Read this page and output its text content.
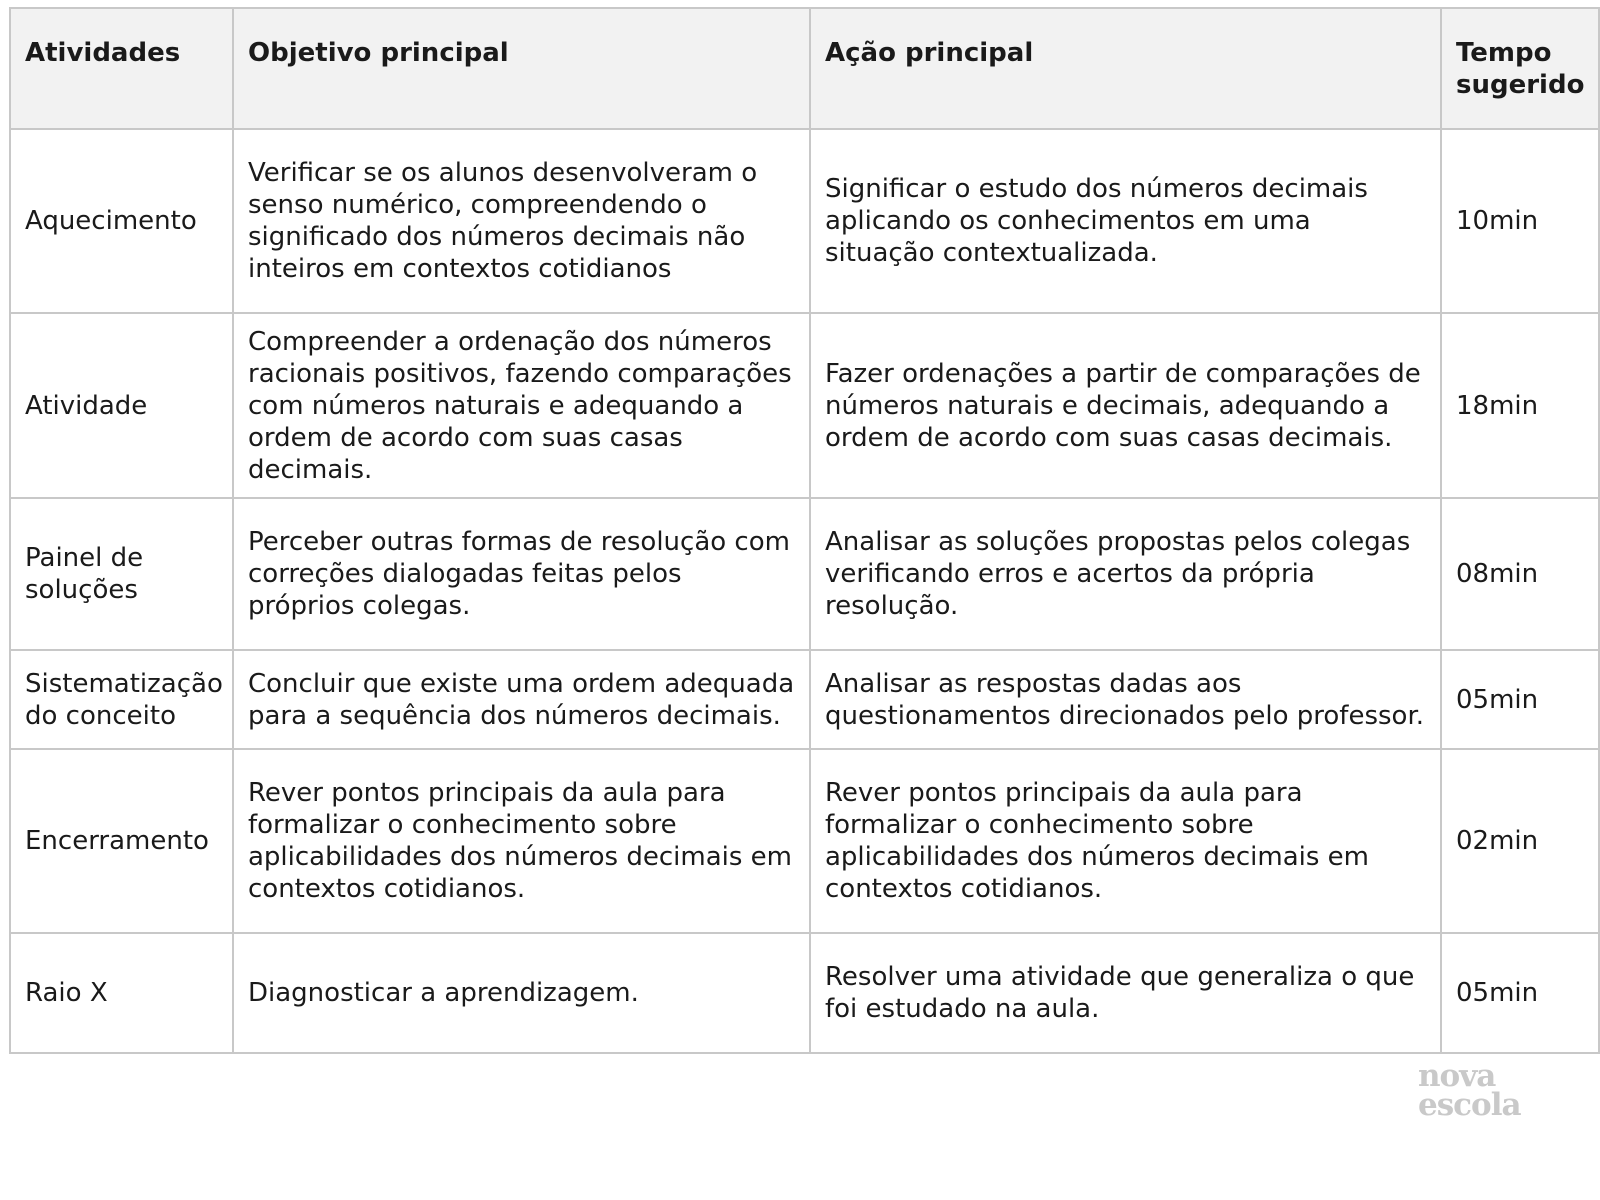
Atividades	Objetivo principal	Ação principal	Tempo sugerido
Aquecimento	Verificar se os alunos desenvolveram o senso numérico, compreendendo o significado dos números decimais não inteiros em contextos cotidianos	Significar o estudo dos números decimais aplicando os conhecimentos em uma situação contextualizada.	10min
Atividade	Compreender a ordenação dos números racionais positivos, fazendo comparações com números naturais e adequando a ordem de acordo com suas casas decimais.	Fazer ordenações a partir de comparações de números naturais e decimais, adequando a ordem de acordo com suas casas decimais.	18min
Painel de soluções	Perceber outras formas de resolução com correções dialogadas feitas pelos próprios colegas.	Analisar as soluções propostas pelos colegas verificando erros e acertos da própria resolução.	08min
Sistematização do conceito	Concluir que existe uma ordem adequada para a sequência dos números decimais.	Analisar as respostas dadas aos questionamentos direcionados pelo professor.	05min
Encerramento	Rever pontos principais da aula para formalizar o conhecimento sobre aplicabilidades dos números decimais em contextos cotidianos.	Rever pontos principais da aula para formalizar o conhecimento sobre aplicabilidades dos números decimais em contextos cotidianos.	02min
Raio X	Diagnosticar a aprendizagem.	Resolver uma atividade que generaliza o que foi estudado na aula.	05min
nova
escola
